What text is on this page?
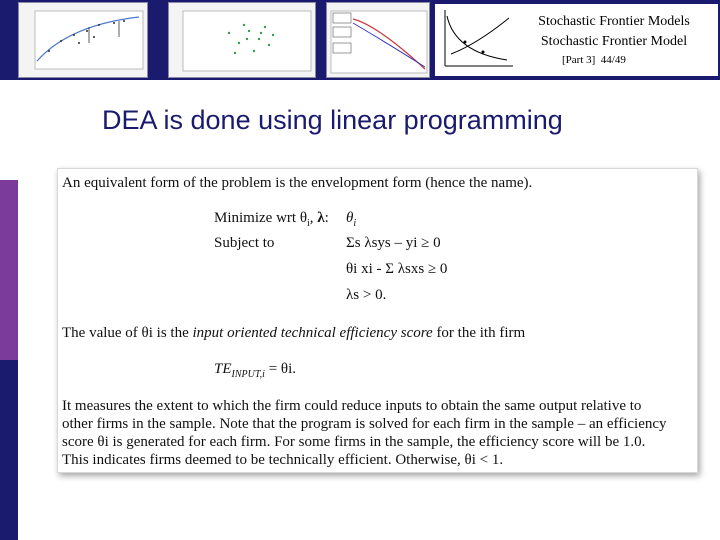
Stochastic Frontier Models
Stochastic Frontier Model
[Part 3] 44/49
DEA is done using linear programming
An equivalent form of the problem is the envelopment form (hence the name).
Minimize wrt $\theta_i$, λ: $\theta_i$
Subject to	Σs λsys – yi ≥ 0
θi xi - Σ λsxs ≥ 0
λs > 0.
The value of θi is the input oriented technical efficiency score for the ith firm
$TE_{INPUT,i} = \theta i$.
It measures the extent to which the firm could reduce inputs to obtain the same output relative to
other firms in the sample. Note that the program is solved for each firm in the sample – an efficiency
score θi is generated for each firm. For some firms in the sample, the efficiency score will be 1.0.
This indicates firms deemed to be technically efficient. Otherwise, θi < 1.
